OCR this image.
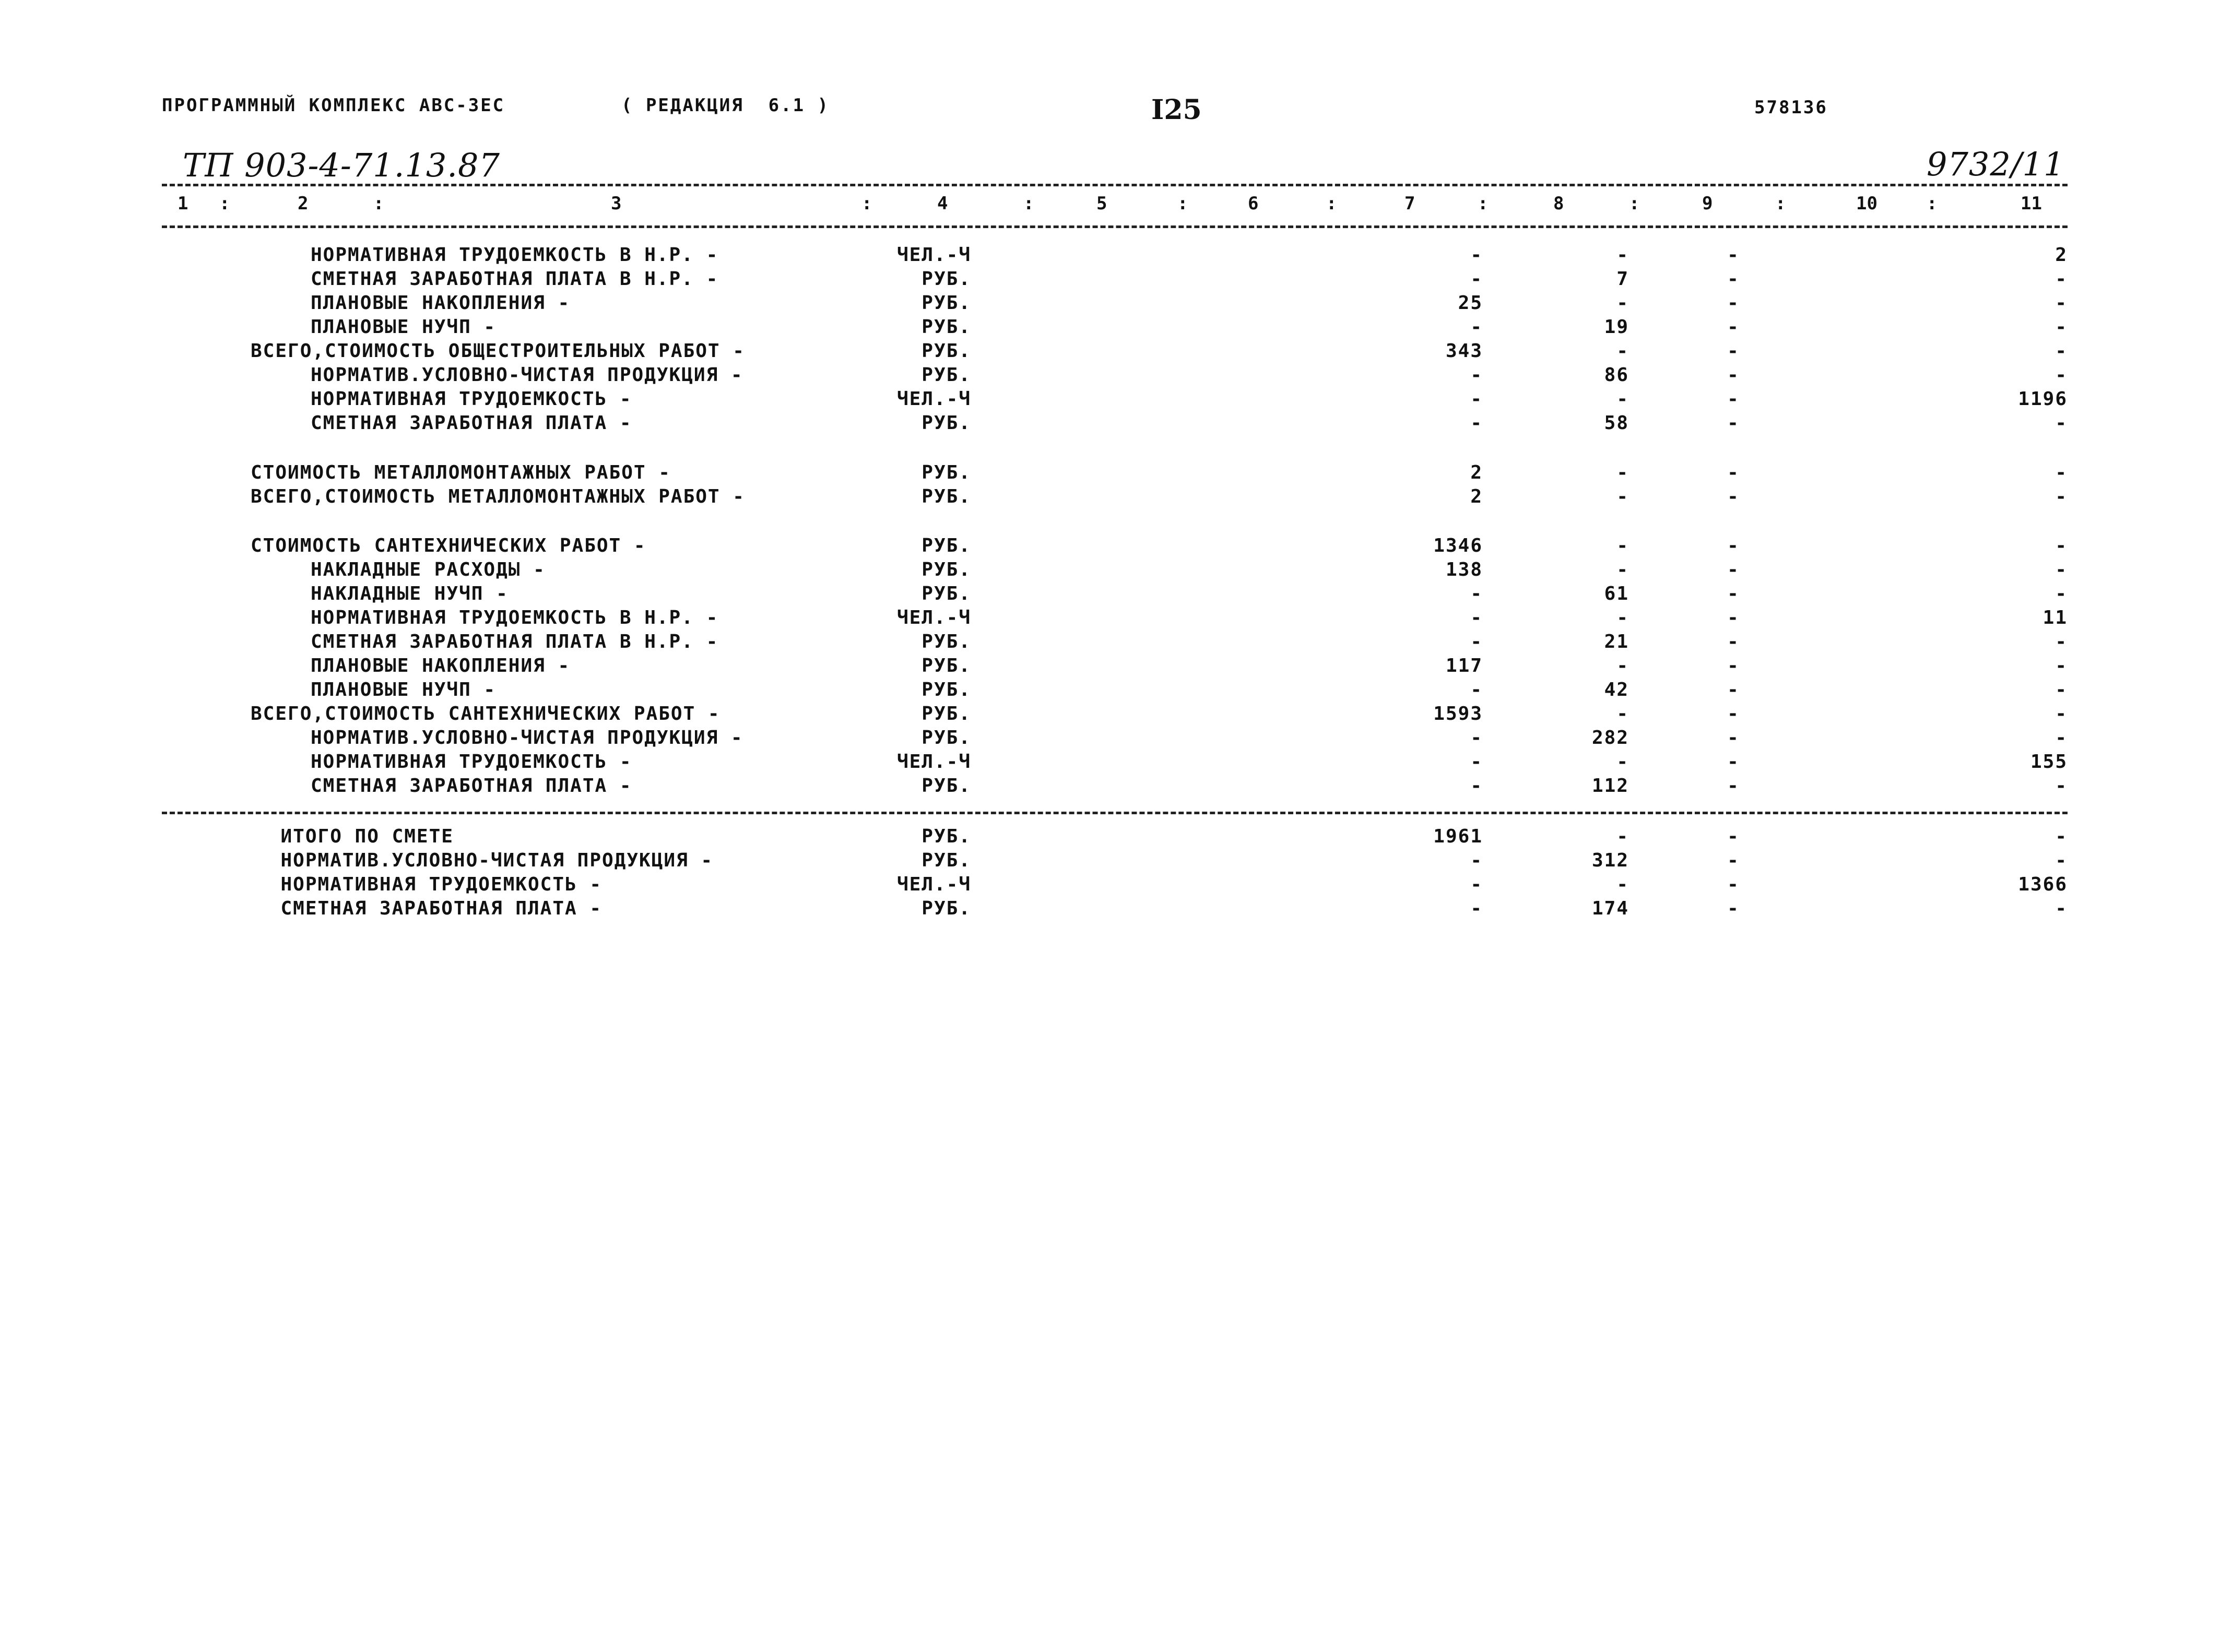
ПРОГРАММНЫЙ КОМПЛЕКС АВС-ЗЕС	( РЕДАКЦИЯ  6.1 )	I25	578136
ТП 903-4-71.13.87	9732/11
1 :	2	:	3	:	4	:	5	:	6	:	7	:	8	:	9	:	10	:	11
НОРМАТИВНАЯ ТРУДОЕМКОСТЬ В Н.Р. -	ЧЕЛ.-Ч	-	-	-	2
СМЕТНАЯ ЗАРАБОТНАЯ ПЛАТА В Н.Р. -	РУБ.	-	7	-	-
ПЛАНОВЫЕ НАКОПЛЕНИЯ -	РУБ.	25	-	-	-
ПЛАНОВЫЕ НУЧП -	РУБ.	-	19	-	-
ВСЕГО,СТОИМОСТЬ ОБЩЕСТРОИТЕЛЬНЫХ РАБОТ -	РУБ.	343	-	-	-
НОРМАТИВ.УСЛОВНО-ЧИСТАЯ ПРОДУКЦИЯ -	РУБ.	-	86	-	-
НОРМАТИВНАЯ ТРУДОЕМКОСТЬ -	ЧЕЛ.-Ч	-	-	-	1196
СМЕТНАЯ ЗАРАБОТНАЯ ПЛАТА -	РУБ.	-	58	-	-
СТОИМОСТЬ МЕТАЛЛОМОНТАЖНЫХ РАБОТ -	РУБ.	2	-	-	-
ВСЕГО,СТОИМОСТЬ МЕТАЛЛОМОНТАЖНЫХ РАБОТ -	РУБ.	2	-	-	-
СТОИМОСТЬ САНТЕХНИЧЕСКИХ РАБОТ -	РУБ.	1346	-	-	-
НАКЛАДНЫЕ РАСХОДЫ -	РУБ.	138	-	-	-
НАКЛАДНЫЕ НУЧП -	РУБ.	-	61	-	-
НОРМАТИВНАЯ ТРУДОЕМКОСТЬ В Н.Р. -	ЧЕЛ.-Ч	-	-	-	11
СМЕТНАЯ ЗАРАБОТНАЯ ПЛАТА В Н.Р. -	РУБ.	-	21	-	-
ПЛАНОВЫЕ НАКОПЛЕНИЯ -	РУБ.	117	-	-	-
ПЛАНОВЫЕ НУЧП -	РУБ.	-	42	-	-
ВСЕГО,СТОИМОСТЬ САНТЕХНИЧЕСКИХ РАБОТ -	РУБ.	1593	-	-	-
НОРМАТИВ.УСЛОВНО-ЧИСТАЯ ПРОДУКЦИЯ -	РУБ.	-	282	-	-
НОРМАТИВНАЯ ТРУДОЕМКОСТЬ -	ЧЕЛ.-Ч	-	-	-	155
СМЕТНАЯ ЗАРАБОТНАЯ ПЛАТА -	РУБ.	-	112	-	-
ИТОГО ПО СМЕТЕ	РУБ.	1961	-	-	-
НОРМАТИВ.УСЛОВНО-ЧИСТАЯ ПРОДУКЦИЯ -	РУБ.	-	312	-	-
НОРМАТИВНАЯ ТРУДОЕМКОСТЬ -	ЧЕЛ.-Ч	-	-	-	1366
СМЕТНАЯ ЗАРАБОТНАЯ ПЛАТА -	РУБ.	-	174	-	-
